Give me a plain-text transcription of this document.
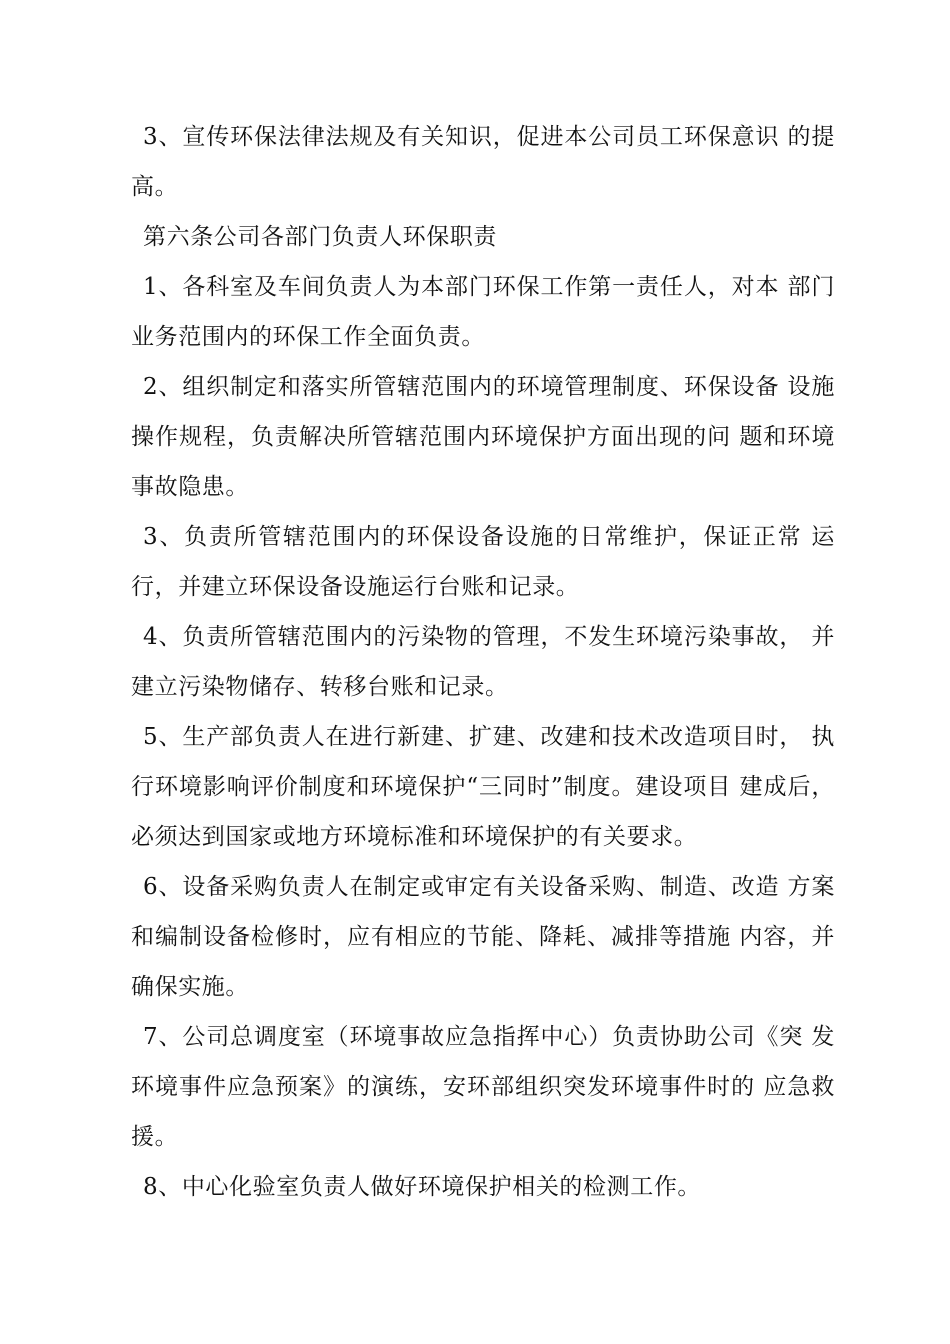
3、宣传环保法律法规及有关知识，促进本公司员工环保意识 的提高。

第六条公司各部门负责人环保职责

1、各科室及车间负责人为本部门环保工作第一责任人，对本 部门业务范围内的环保工作全面负责。

2、组织制定和落实所管辖范围内的环境管理制度、环保设备 设施操作规程，负责解决所管辖范围内环境保护方面出现的问 题和环境事故隐患。

3、负责所管辖范围内的环保设备设施的日常维护，保证正常 运行，并建立环保设备设施运行台账和记录。

4、负责所管辖范围内的污染物的管理，不发生环境污染事故， 并建立污染物储存、转移台账和记录。

5、生产部负责人在进行新建、扩建、改建和技术改造项目时， 执行环境影响评价制度和环境保护“三同时”制度。建设项目 建成后，必须达到国家或地方环境标准和环境保护的有关要求。

6、设备采购负责人在制定或审定有关设备采购、制造、改造 方案和编制设备检修时，应有相应的节能、降耗、减排等措施 内容，并确保实施。

7、公司总调度室（环境事故应急指挥中心）负责协助公司《突 发环境事件应急预案》的演练，安环部组织突发环境事件时的 应急救援。

8、中心化验室负责人做好环境保护相关的检测工作。
